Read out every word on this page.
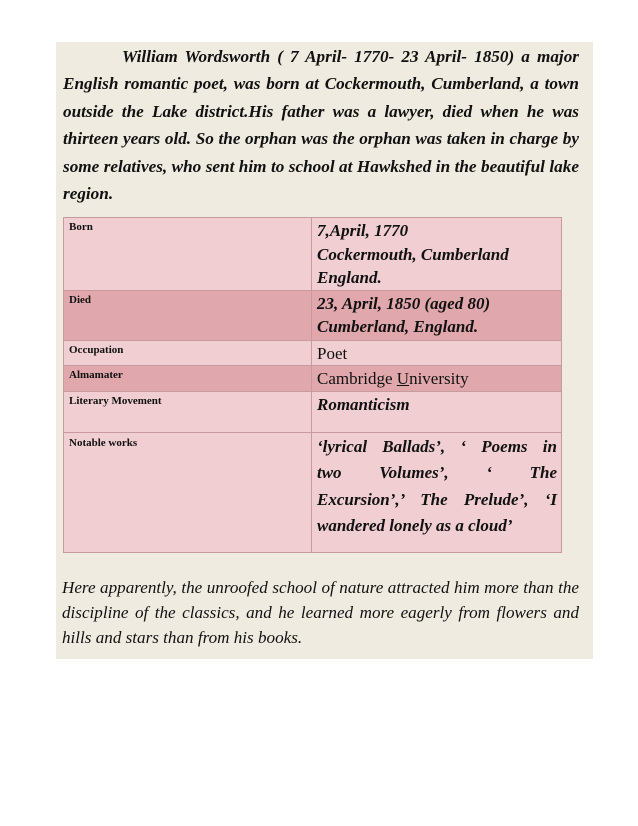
William Wordsworth ( 7 April- 1770- 23 April- 1850) a major English romantic poet, was born at Cockermouth, Cumberland, a town outside the Lake district.His father was a lawyer, died when he was thirteen years old. So the orphan was the orphan was taken in charge by some relatives, who sent him to school at Hawkshed in the beautiful lake region.

Born	7,April, 1770
Cockermouth, Cumberland
England.

Died	23, April, 1850 (aged 80)
Cumberland, England.

Occupation	Poet
Almamater	Cambridge University
Literary Movement	Romanticism
Notable works	‘lyrical Ballads’, ‘ Poems in
two Volumes’, ‘ The
Excursion’,’ The Prelude’, ‘I
wandered lonely as a cloud’

Here apparently, the unroofed school of nature attracted him more than the discipline of the classics, and he learned more eagerly from flowers and hills and stars than from his books.
